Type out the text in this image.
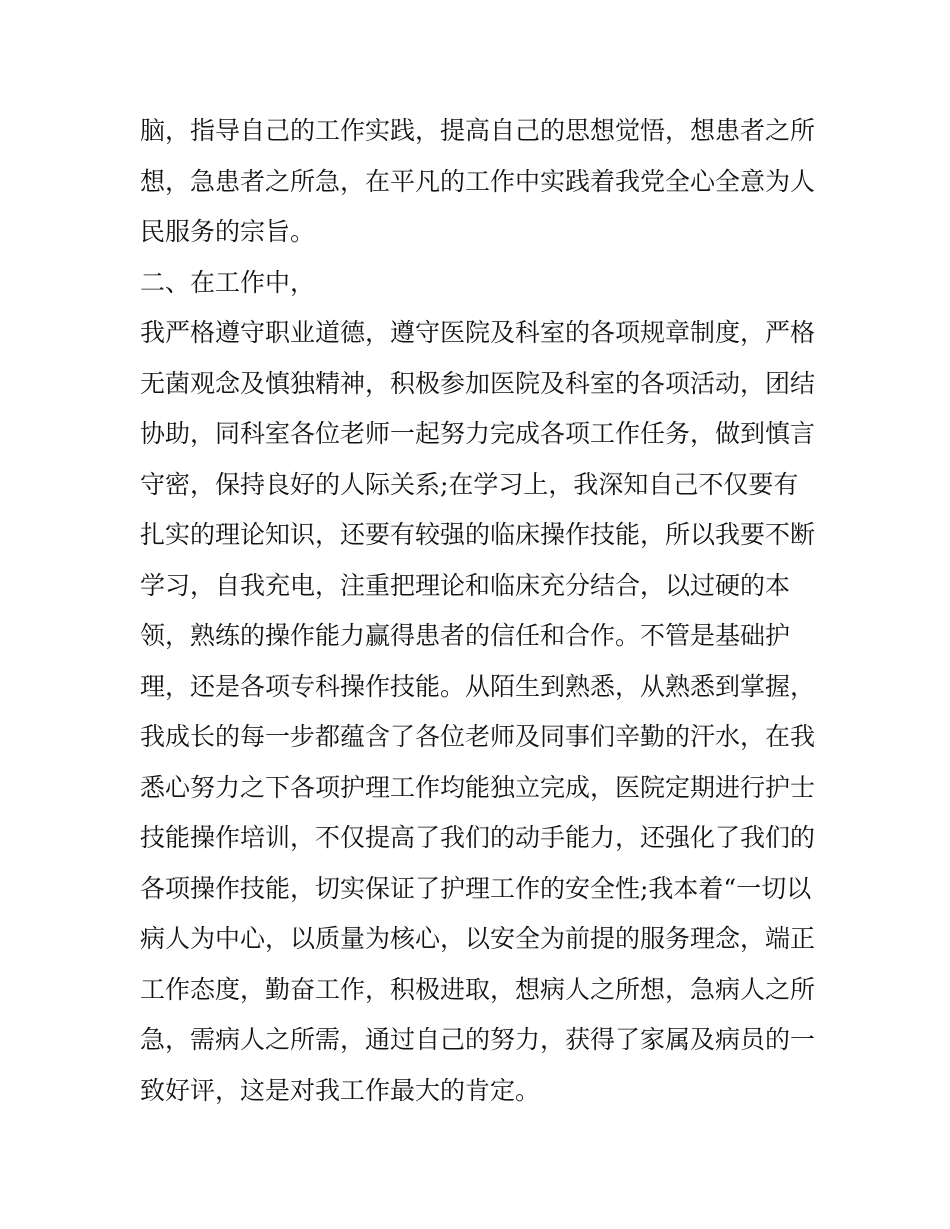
脑，指导自己的工作实践，提高自己的思想觉悟，想患者之所
想，急患者之所急，在平凡的工作中实践着我党全心全意为人
民服务的宗旨。
二、在工作中，
我严格遵守职业道德，遵守医院及科室的各项规章制度，严格
无菌观念及慎独精神，积极参加医院及科室的各项活动，团结
协助，同科室各位老师一起努力完成各项工作任务，做到慎言
守密，保持良好的人际关系;在学习上，我深知自己不仅要有
扎实的理论知识，还要有较强的临床操作技能，所以我要不断
学习，自我充电，注重把理论和临床充分结合，以过硬的本
领，熟练的操作能力赢得患者的信任和合作。不管是基础护
理，还是各项专科操作技能。从陌生到熟悉，从熟悉到掌握，
我成长的每一步都蕴含了各位老师及同事们辛勤的汗水，在我
悉心努力之下各项护理工作均能独立完成，医院定期进行护士
技能操作培训，不仅提高了我们的动手能力，还强化了我们的
各项操作技能，切实保证了护理工作的安全性;我本着“一切以
病人为中心，以质量为核心，以安全为前提的服务理念，端正
工作态度，勤奋工作，积极进取，想病人之所想，急病人之所
急，需病人之所需，通过自己的努力，获得了家属及病员的一
致好评，这是对我工作最大的肯定。
